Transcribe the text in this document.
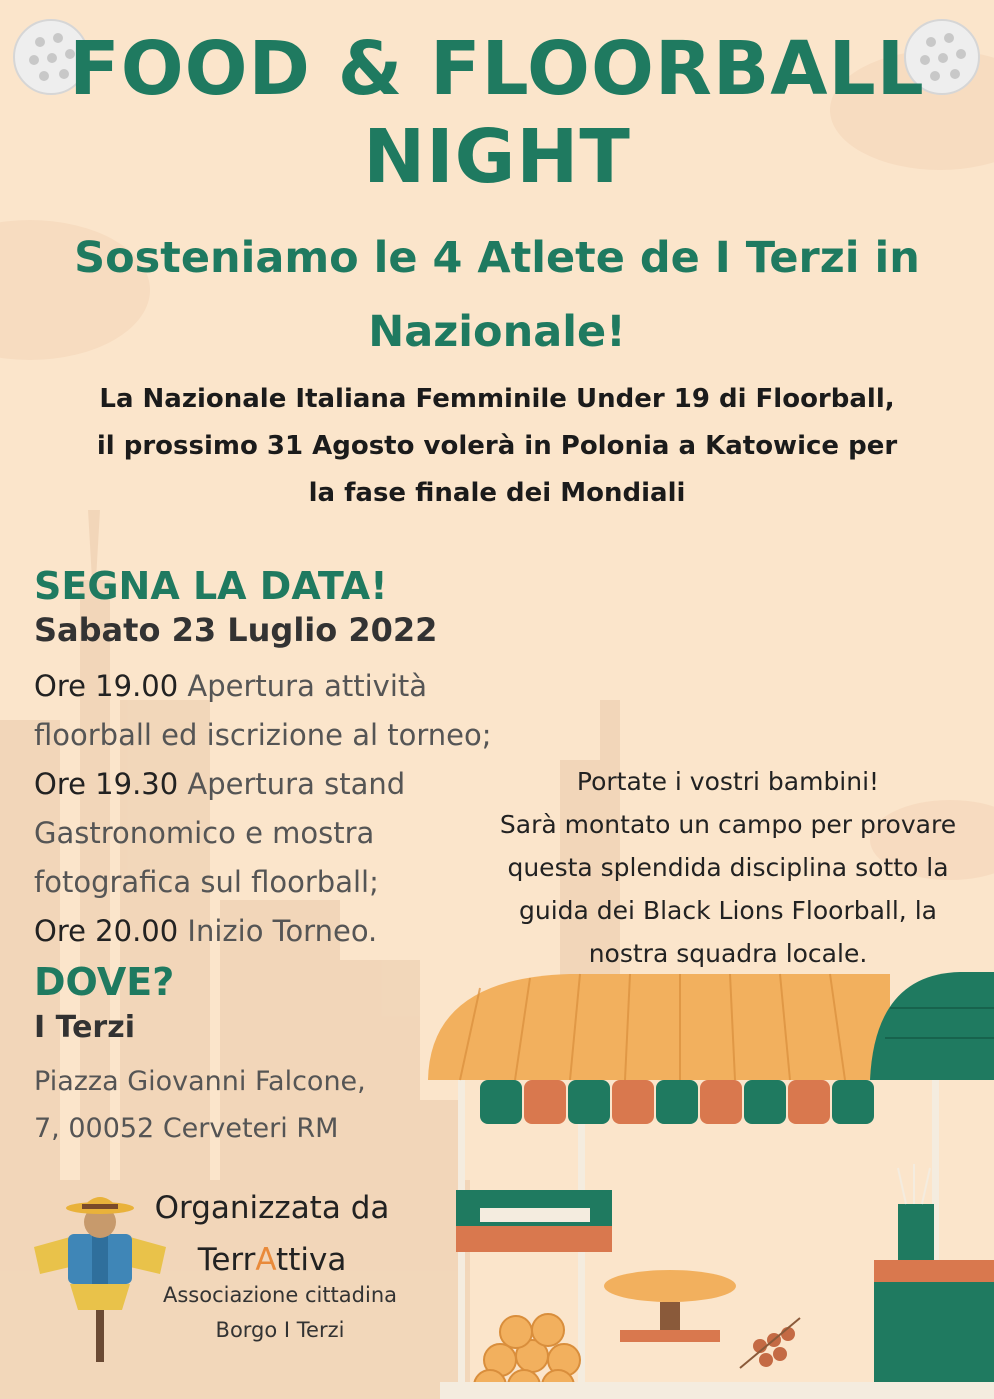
FOOD & FLOORBALL
NIGHT
Sosteniamo le 4 Atlete de I Terzi in
Nazionale!
La Nazionale Italiana Femminile Under 19 di Floorball,
il prossimo 31 Agosto volerà in Polonia a Katowice per
la fase finale dei Mondiali
SEGNA LA DATA!
Sabato 23 Luglio 2022
Ore 19.00 Apertura attività
floorball ed iscrizione al torneo;
Ore 19.30 Apertura stand
Gastronomico e mostra
fotografica sul floorball;
Ore 20.00 Inizio Torneo.
DOVE?
I Terzi
Piazza Giovanni Falcone,
7, 00052 Cerveteri RM
Portate i vostri bambini!
Sarà montato un campo per provare
questa splendida disciplina sotto la
guida dei Black Lions Floorball, la
nostra squadra locale.
Organizzata da
TerrAttiva
Associazione cittadina
Borgo I Terzi
